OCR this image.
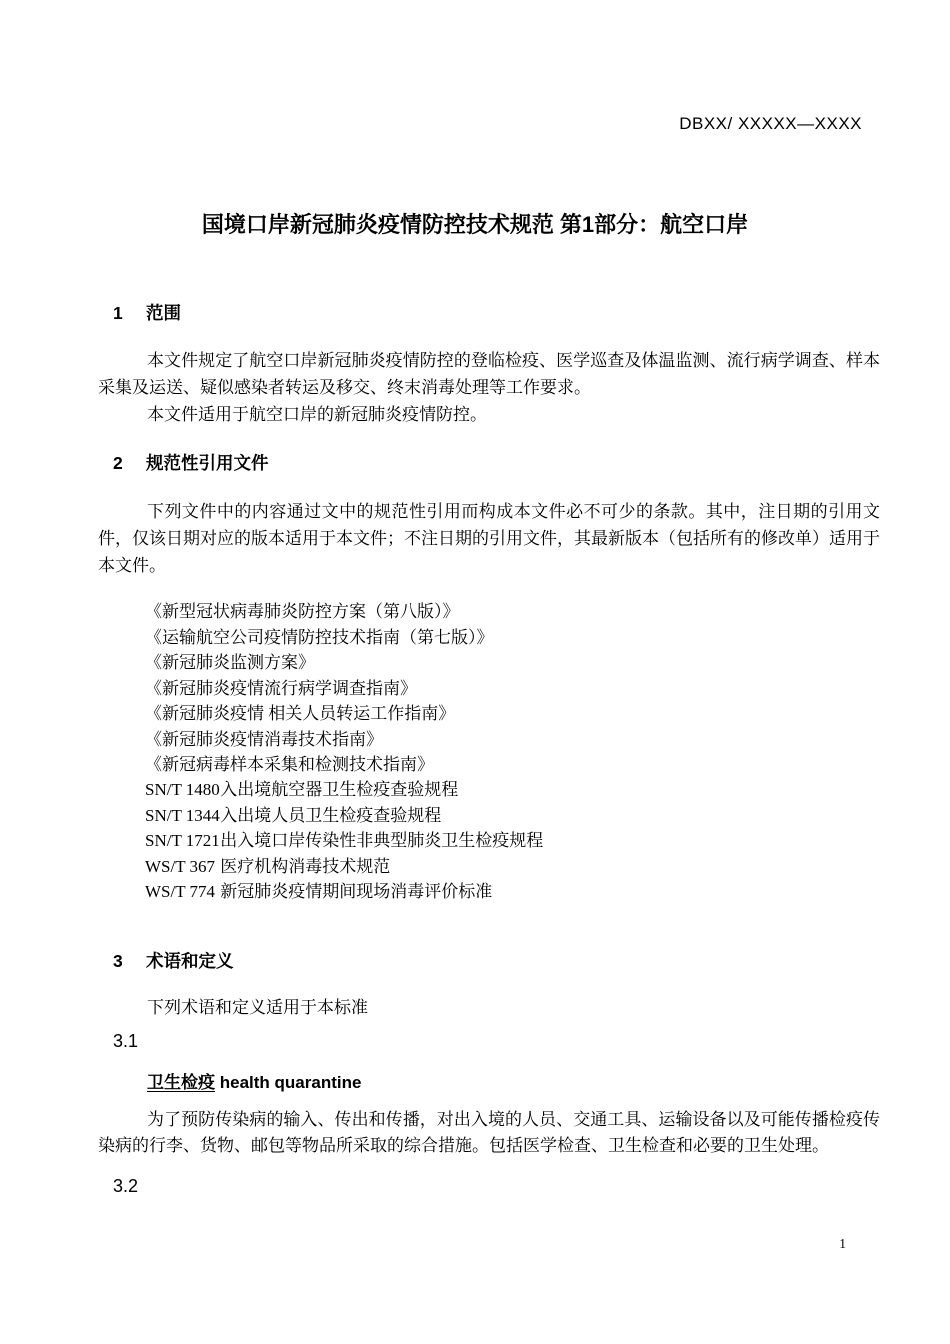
DBXX/ XXXXX—XXXX
国境口岸新冠肺炎疫情防控技术规范 第1部分：航空口岸
1	范围

本文件规定了航空口岸新冠肺炎疫情防控的登临检疫、医学巡查及体温监测、流行病学调查、样本采集及运送、疑似感染者转运及移交、终末消毒处理等工作要求。

本文件适用于航空口岸的新冠肺炎疫情防控。

2	规范性引用文件

下列文件中的内容通过文中的规范性引用而构成本文件必不可少的条款。其中，注日期的引用文件，仅该日期对应的版本适用于本文件；不注日期的引用文件，其最新版本（包括所有的修改单）适用于本文件。

《新型冠状病毒肺炎防控方案（第八版）》
《运输航空公司疫情防控技术指南（第七版）》
《新冠肺炎监测方案》
《新冠肺炎疫情流行病学调查指南》
《新冠肺炎疫情 相关人员转运工作指南》
《新冠肺炎疫情消毒技术指南》
《新冠病毒样本采集和检测技术指南》
SN/T 1480 入出境航空器卫生检疫查验规程
SN/T 1344 入出境人员卫生检疫查验规程
SN/T 1721 出入境口岸传染性非典型肺炎卫生检疫规程
WS/T 367 医疗机构消毒技术规范
WS/T 774 新冠肺炎疫情期间现场消毒评价标准
3	术语和定义

下列术语和定义适用于本标准

3.1
卫生检疫 health quarantine

为了预防传染病的输入、传出和传播，对出入境的人员、交通工具、运输设备以及可能传播检疫传染病的行李、货物、邮包等物品所采取的综合措施。包括医学检查、卫生检查和必要的卫生处理。

3.2
1
